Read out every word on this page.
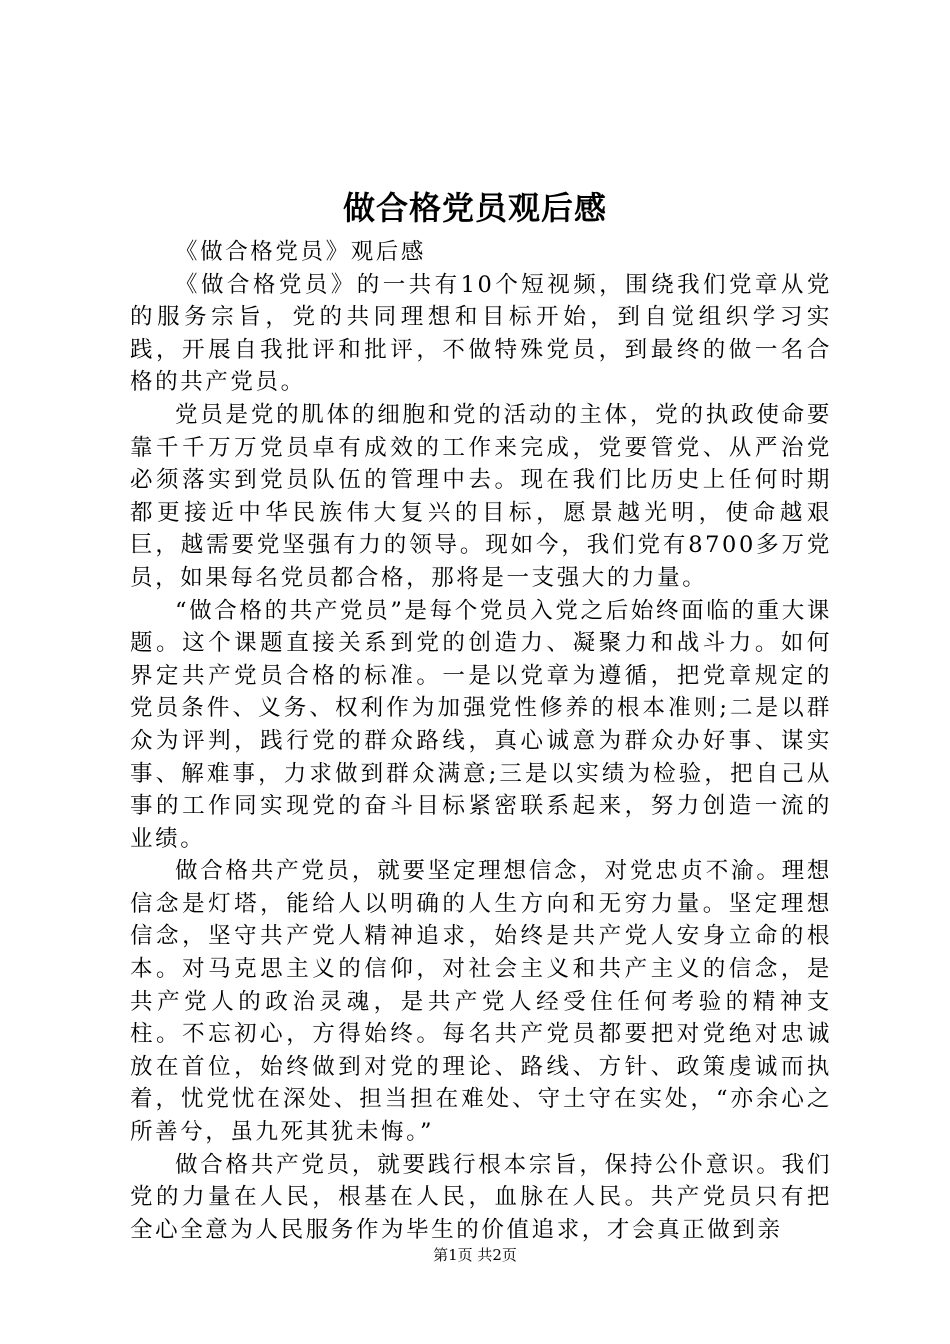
做合格党员观后感

《做合格党员》观后感

《做合格党员》的一共有10个短视频，围绕我们党章从党的服务宗旨，党的共同理想和目标开始，到自觉组织学习实践，开展自我批评和批评，不做特殊党员，到最终的做一名合格的共产党员。

党员是党的肌体的细胞和党的活动的主体，党的执政使命要靠千千万万党员卓有成效的工作来完成，党要管党、从严治党必须落实到党员队伍的管理中去。现在我们比历史上任何时期都更接近中华民族伟大复兴的目标，愿景越光明，使命越艰巨，越需要党坚强有力的领导。现如今，我们党有8700多万党员，如果每名党员都合格，那将是一支强大的力量。

“做合格的共产党员”是每个党员入党之后始终面临的重大课题。这个课题直接关系到党的创造力、凝聚力和战斗力。如何界定共产党员合格的标准。一是以党章为遵循，把党章规定的党员条件、义务、权利作为加强党性修养的根本准则;二是以群众为评判，践行党的群众路线，真心诚意为群众办好事、谋实事、解难事，力求做到群众满意;三是以实绩为检验，把自己从事的工作同实现党的奋斗目标紧密联系起来，努力创造一流的业绩。

做合格共产党员，就要坚定理想信念，对党忠贞不渝。理想信念是灯塔，能给人以明确的人生方向和无穷力量。坚定理想信念，坚守共产党人精神追求，始终是共产党人安身立命的根本。对马克思主义的信仰，对社会主义和共产主义的信念，是共产党人的政治灵魂，是共产党人经受住任何考验的精神支柱。不忘初心，方得始终。每名共产党员都要把对党绝对忠诚放在首位，始终做到对党的理论、路线、方针、政策虔诚而执着，忧党忧在深处、担当担在难处、守土守在实处，“亦余心之所善兮，虽九死其犹未悔。”

做合格共产党员，就要践行根本宗旨，保持公仆意识。我们党的力量在人民，根基在人民，血脉在人民。共产党员只有把全心全意为人民服务作为毕生的价值追求，才会真正做到亲

第1页 共2页
